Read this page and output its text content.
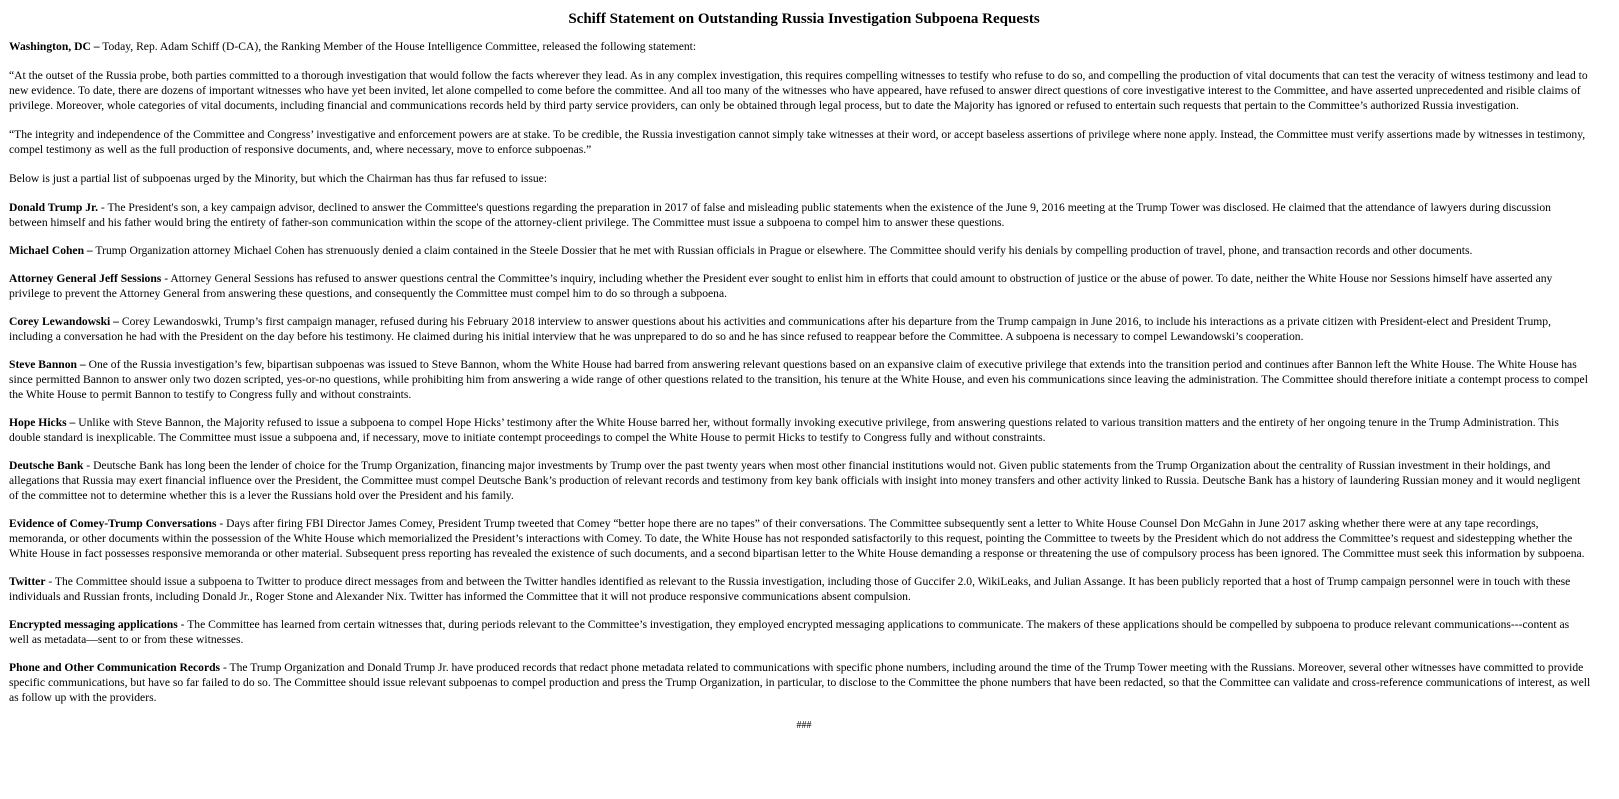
Schiff Statement on Outstanding Russia Investigation Subpoena Requests

Washington, DC – Today, Rep. Adam Schiff (D-CA), the Ranking Member of the House Intelligence Committee, released the following statement:

“At the outset of the Russia probe, both parties committed to a thorough investigation that would follow the facts wherever they lead. As in any complex investigation, this requires compelling witnesses to testify who refuse to do so, and compelling the production of vital documents that can test the veracity of witness testimony and lead to new evidence. To date, there are dozens of important witnesses who have yet been invited, let alone compelled to come before the committee. And all too many of the witnesses who have appeared, have refused to answer direct questions of core investigative interest to the Committee, and have asserted unprecedented and risible claims of privilege. Moreover, whole categories of vital documents, including financial and communications records held by third party service providers, can only be obtained through legal process, but to date the Majority has ignored or refused to entertain such requests that pertain to the Committee’s authorized Russia investigation.

“The integrity and independence of the Committee and Congress’ investigative and enforcement powers are at stake. To be credible, the Russia investigation cannot simply take witnesses at their word, or accept baseless assertions of privilege where none apply. Instead, the Committee must verify assertions made by witnesses in testimony, compel testimony as well as the full production of responsive documents, and, where necessary, move to enforce subpoenas.”

Below is just a partial list of subpoenas urged by the Minority, but which the Chairman has thus far refused to issue:

Donald Trump Jr. - The President's son, a key campaign advisor, declined to answer the Committee's questions regarding the preparation in 2017 of false and misleading public statements when the existence of the June 9, 2016 meeting at the Trump Tower was disclosed. He claimed that the attendance of lawyers during discussion between himself and his father would bring the entirety of father-son communication within the scope of the attorney-client privilege. The Committee must issue a subpoena to compel him to answer these questions.

Michael Cohen – Trump Organization attorney Michael Cohen has strenuously denied a claim contained in the Steele Dossier that he met with Russian officials in Prague or elsewhere. The Committee should verify his denials by compelling production of travel, phone, and transaction records and other documents.

Attorney General Jeff Sessions - Attorney General Sessions has refused to answer questions central the Committee’s inquiry, including whether the President ever sought to enlist him in efforts that could amount to obstruction of justice or the abuse of power. To date, neither the White House nor Sessions himself have asserted any privilege to prevent the Attorney General from answering these questions, and consequently the Committee must compel him to do so through a subpoena.

Corey Lewandowski – Corey Lewandoswki, Trump’s first campaign manager, refused during his February 2018 interview to answer questions about his activities and communications after his departure from the Trump campaign in June 2016, to include his interactions as a private citizen with President-elect and President Trump, including a conversation he had with the President on the day before his testimony. He claimed during his initial interview that he was unprepared to do so and he has since refused to reappear before the Committee. A subpoena is necessary to compel Lewandowski’s cooperation.

Steve Bannon – One of the Russia investigation’s few, bipartisan subpoenas was issued to Steve Bannon, whom the White House had barred from answering relevant questions based on an expansive claim of executive privilege that extends into the transition period and continues after Bannon left the White House. The White House has since permitted Bannon to answer only two dozen scripted, yes-or-no questions, while prohibiting him from answering a wide range of other questions related to the transition, his tenure at the White House, and even his communications since leaving the administration. The Committee should therefore initiate a contempt process to compel the White House to permit Bannon to testify to Congress fully and without constraints.

Hope Hicks – Unlike with Steve Bannon, the Majority refused to issue a subpoena to compel Hope Hicks’ testimony after the White House barred her, without formally invoking executive privilege, from answering questions related to various transition matters and the entirety of her ongoing tenure in the Trump Administration. This double standard is inexplicable. The Committee must issue a subpoena and, if necessary, move to initiate contempt proceedings to compel the White House to permit Hicks to testify to Congress fully and without constraints.

Deutsche Bank - Deutsche Bank has long been the lender of choice for the Trump Organization, financing major investments by Trump over the past twenty years when most other financial institutions would not. Given public statements from the Trump Organization about the centrality of Russian investment in their holdings, and allegations that Russia may exert financial influence over the President, the Committee must compel Deutsche Bank’s production of relevant records and testimony from key bank officials with insight into money transfers and other activity linked to Russia. Deutsche Bank has a history of laundering Russian money and it would negligent of the committee not to determine whether this is a lever the Russians hold over the President and his family.

Evidence of Comey-Trump Conversations - Days after firing FBI Director James Comey, President Trump tweeted that Comey “better hope there are no tapes” of their conversations. The Committee subsequently sent a letter to White House Counsel Don McGahn in June 2017 asking whether there were at any tape recordings, memoranda, or other documents within the possession of the White House which memorialized the President’s interactions with Comey. To date, the White House has not responded satisfactorily to this request, pointing the Committee to tweets by the President which do not address the Committee’s request and sidestepping whether the White House in fact possesses responsive memoranda or other material. Subsequent press reporting has revealed the existence of such documents, and a second bipartisan letter to the White House demanding a response or threatening the use of compulsory process has been ignored. The Committee must seek this information by subpoena.

Twitter - The Committee should issue a subpoena to Twitter to produce direct messages from and between the Twitter handles identified as relevant to the Russia investigation, including those of Guccifer 2.0, WikiLeaks, and Julian Assange. It has been publicly reported that a host of Trump campaign personnel were in touch with these individuals and Russian fronts, including Donald Jr., Roger Stone and Alexander Nix. Twitter has informed the Committee that it will not produce responsive communications absent compulsion.

Encrypted messaging applications - The Committee has learned from certain witnesses that, during periods relevant to the Committee’s investigation, they employed encrypted messaging applications to communicate. The makers of these applications should be compelled by subpoena to produce relevant communications---content as well as metadata—sent to or from these witnesses.

Phone and Other Communication Records - The Trump Organization and Donald Trump Jr. have produced records that redact phone metadata related to communications with specific phone numbers, including around the time of the Trump Tower meeting with the Russians. Moreover, several other witnesses have committed to provide specific communications, but have so far failed to do so. The Committee should issue relevant subpoenas to compel production and press the Trump Organization, in particular, to disclose to the Committee the phone numbers that have been redacted, so that the Committee can validate and cross-reference communications of interest, as well as follow up with the providers.

###
